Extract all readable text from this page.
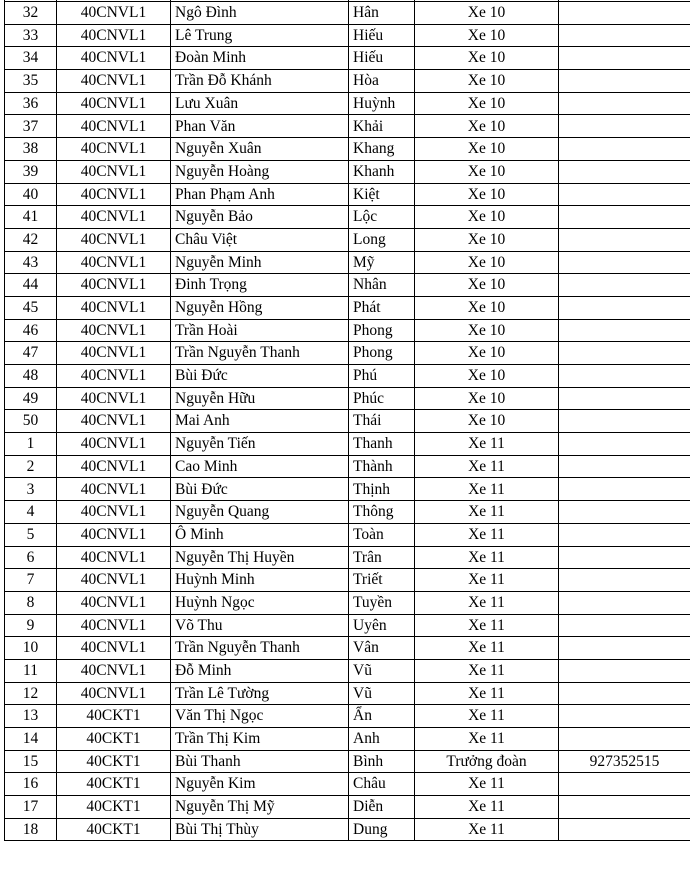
32	40CNVL1	Ngô Đình	Hân	Xe 10	
33	40CNVL1	Lê Trung	Hiếu	Xe 10	
34	40CNVL1	Đoàn Minh	Hiếu	Xe 10	
35	40CNVL1	Trần Đỗ Khánh	Hòa	Xe 10	
36	40CNVL1	Lưu Xuân	Huỳnh	Xe 10	
37	40CNVL1	Phan Văn	Khải	Xe 10	
38	40CNVL1	Nguyễn Xuân	Khang	Xe 10	
39	40CNVL1	Nguyễn Hoàng	Khanh	Xe 10	
40	40CNVL1	Phan Phạm Anh	Kiệt	Xe 10	
41	40CNVL1	Nguyễn Bảo	Lộc	Xe 10	
42	40CNVL1	Châu Việt	Long	Xe 10	
43	40CNVL1	Nguyễn Minh	Mỹ	Xe 10	
44	40CNVL1	Đinh Trọng	Nhân	Xe 10	
45	40CNVL1	Nguyễn Hồng	Phát	Xe 10	
46	40CNVL1	Trần Hoài	Phong	Xe 10	
47	40CNVL1	Trần Nguyễn Thanh	Phong	Xe 10	
48	40CNVL1	Bùi Đức	Phú	Xe 10	
49	40CNVL1	Nguyễn Hữu	Phúc	Xe 10	
50	40CNVL1	Mai Anh	Thái	Xe 10	
1	40CNVL1	Nguyễn Tiến	Thanh	Xe 11	
2	40CNVL1	Cao Minh	Thành	Xe 11	
3	40CNVL1	Bùi Đức	Thịnh	Xe 11	
4	40CNVL1	Nguyễn Quang	Thông	Xe 11	
5	40CNVL1	Ô Minh	Toàn	Xe 11	
6	40CNVL1	Nguyễn Thị Huyền	Trân	Xe 11	
7	40CNVL1	Huỳnh Minh	Triết	Xe 11	
8	40CNVL1	Huỳnh Ngọc	Tuyền	Xe 11	
9	40CNVL1	Võ Thu	Uyên	Xe 11	
10	40CNVL1	Trần Nguyễn Thanh	Vân	Xe 11	
11	40CNVL1	Đỗ Minh	Vũ	Xe 11	
12	40CNVL1	Trần Lê Tường	Vũ	Xe 11	
13	40CKT1	Văn Thị Ngọc	Ẩn	Xe 11	
14	40CKT1	Trần Thị Kim	Anh	Xe 11	
15	40CKT1	Bùi Thanh	Bình	Trưởng đoàn	927352515
16	40CKT1	Nguyễn Kim	Châu	Xe 11	
17	40CKT1	Nguyễn Thị Mỹ	Diễn	Xe 11	
18	40CKT1	Bùi Thị Thùy	Dung	Xe 11	
